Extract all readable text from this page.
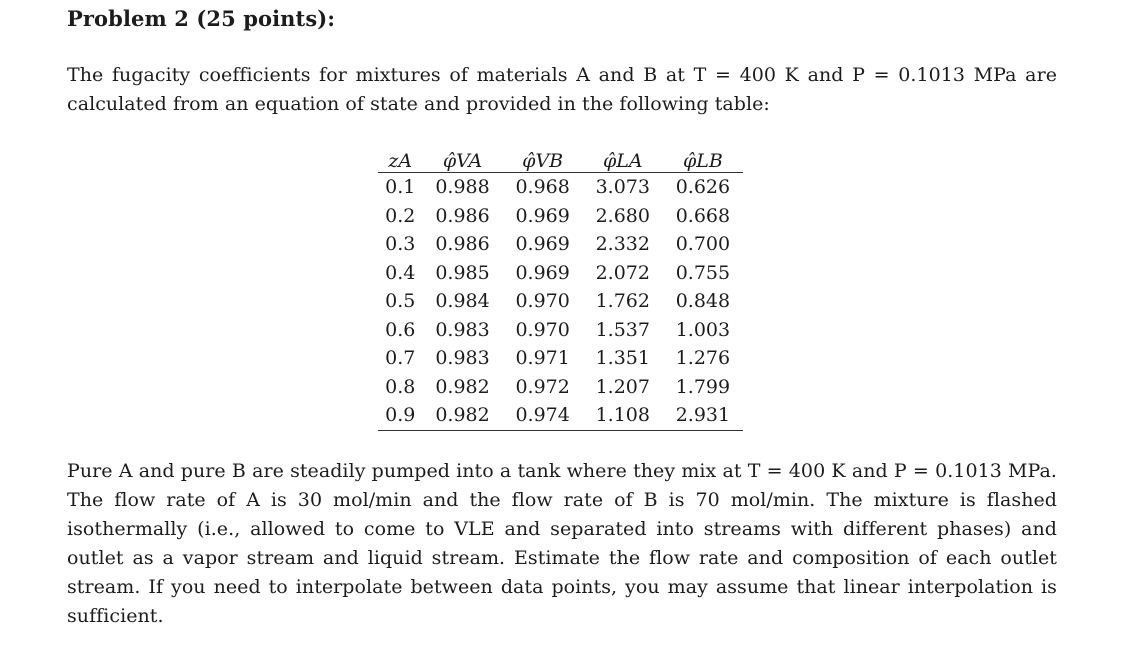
Problem 2 (25 points):
The fugacity coefficients for mixtures of materials A and B at T = 400 K and P = 0.1013 MPa are calculated from an equation of state and provided in the following table:
zA	φ̂VA	φ̂VB	φ̂LA	φ̂LB
0.1	0.988	0.968	3.073	0.626
0.2	0.986	0.969	2.680	0.668
0.3	0.986	0.969	2.332	0.700
0.4	0.985	0.969	2.072	0.755
0.5	0.984	0.970	1.762	0.848
0.6	0.983	0.970	1.537	1.003
0.7	0.983	0.971	1.351	1.276
0.8	0.982	0.972	1.207	1.799
0.9	0.982	0.974	1.108	2.931
Pure A and pure B are steadily pumped into a tank where they mix at T = 400 K and P = 0.1013 MPa. The flow rate of A is 30 mol/min and the flow rate of B is 70 mol/min. The mixture is flashed isothermally (i.e., allowed to come to VLE and separated into streams with different phases) and outlet as a vapor stream and liquid stream. Estimate the flow rate and composition of each outlet stream. If you need to interpolate between data points, you may assume that linear interpolation is sufficient.
